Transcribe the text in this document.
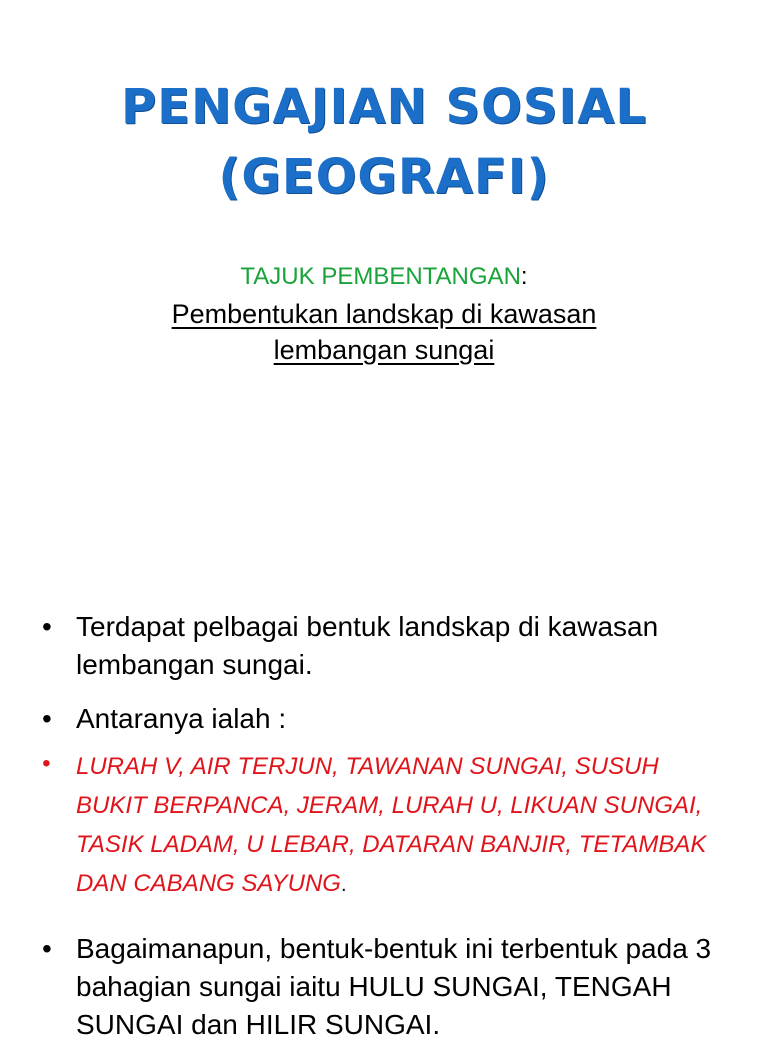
PENGAJIAN SOSIAL
(GEOGRAFI)
TAJUK PEMBENTANGAN:
Pembentukan landskap di kawasan
lembangan sungai
• Terdapat pelbagai bentuk landskap di kawasan lembangan sungai.
• Antaranya ialah :
• LURAH V, AIR TERJUN, TAWANAN SUNGAI, SUSUH BUKIT BERPANCA, JERAM, LURAH U, LIKUAN SUNGAI, TASIK LADAM, U LEBAR, DATARAN BANJIR, TETAMBAK DAN CABANG SAYUNG.
• Bagaimanapun, bentuk-bentuk ini terbentuk pada 3 bahagian sungai iaitu HULU SUNGAI, TENGAH SUNGAI dan HILIR SUNGAI.
